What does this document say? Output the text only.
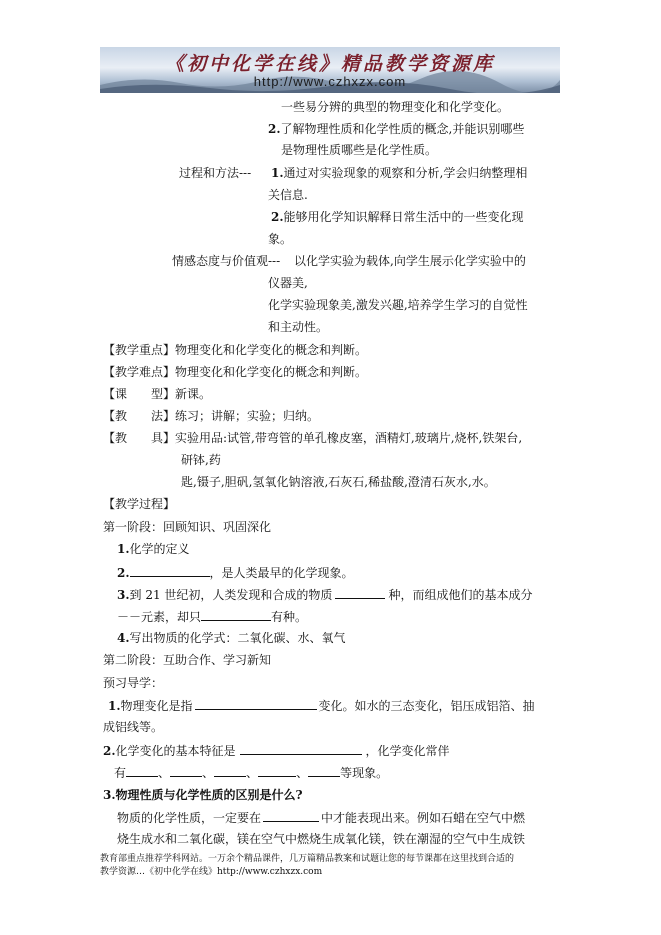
《初中化学在线》精品教学资源库
http://www.czhxzx.com
一些易分辨的典型的物理变化和化学变化。
2.了解物理性质和化学性质的概念,并能识别哪些
是物理性质哪些是化学性质。
过程和方法--- 1.通过对实验现象的观察和分析,学会归纳整理相
关信息.
2.能够用化学知识解释日常生活中的一些变化现
象。
情感态度与价值观--- 以化学实验为载体,向学生展示化学实验中的
仪器美,
化学实验现象美,激发兴趣,培养学生学习的自觉性
和主动性。
【教学重点】物理变化和化学变化的概念和判断。
【教学难点】物理变化和化学变化的概念和判断。
【课　　型】新课。
【教　　法】练习；讲解；实验；归纳。
【教　　具】实验用品:试管,带弯管的单孔橡皮塞，酒精灯,玻璃片,烧杯,铁架台,
研钵,药
匙,镊子,胆矾,氢氧化钠溶液,石灰石,稀盐酸,澄清石灰水,水。
【教学过程】
第一阶段：回顾知识、巩固深化
1.化学的定义
2.	，是人类最早的化学现象。
3.到 21 世纪初，人类发现和合成的物质	种，而组成他们的基本成分
－－元素，却只	有种。
4.写出物质的化学式：二氧化碳、水、氧气
第二阶段：互助合作、学习新知
预习导学：
1.物理变化是指	变化。如水的三态变化，铝压成铝箔、抽
成铝线等。
2.化学变化的基本特征是	，化学变化常伴
有	、	、	、	、	等现象。
3.物理性质与化学性质的区别是什么?
物质的化学性质，一定要在	中才能表现出来。例如石蜡在空气中燃
烧生成水和二氧化碳，镁在空气中燃烧生成氧化镁，铁在潮湿的空气中生成铁
教育部重点推荐学科网站。一万余个精品课件，几万篇精品教案和试题让您的每节课都在这里找到合适的
教学资源…《初中化学在线》http://www.czhxzx.com
